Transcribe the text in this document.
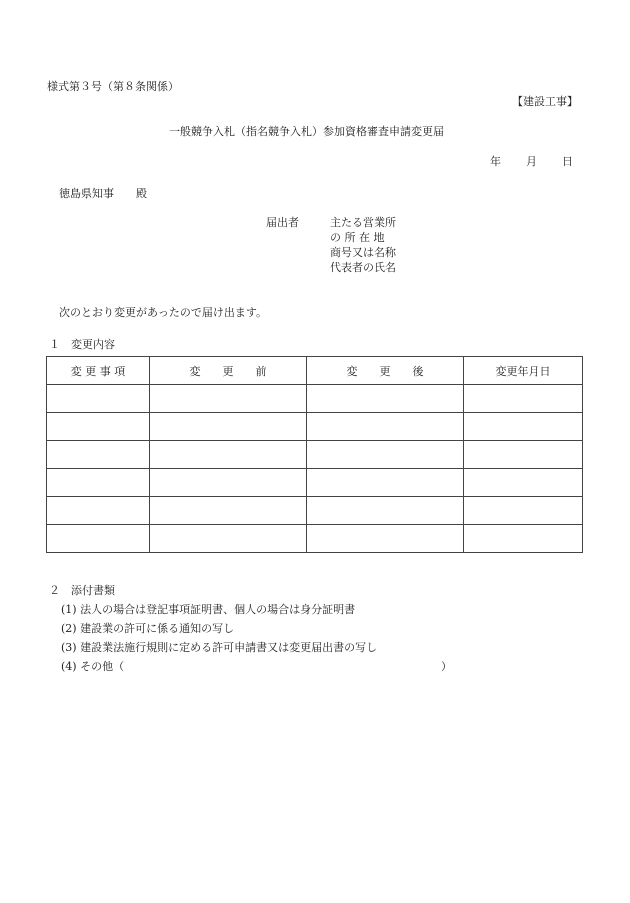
様式第３号（第８条関係）
【建設工事】
一般競争入札（指名競争入札）参加資格審査申請変更届
年 月 日
徳島県知事　　殿
届出者	主たる営業所
の 所 在 地
商号又は名称
代表者の氏名
次のとおり変更があったので届け出ます。
１　変更内容
変 更 事 項	変　　更　　前	変　　更　　後	変更年月日

２　添付書類
(1) 法人の場合は登記事項証明書、個人の場合は身分証明書
(2) 建設業の許可に係る通知の写し
(3) 建設業法施行規則に定める許可申請書又は変更届出書の写し
(4) その他（	）
